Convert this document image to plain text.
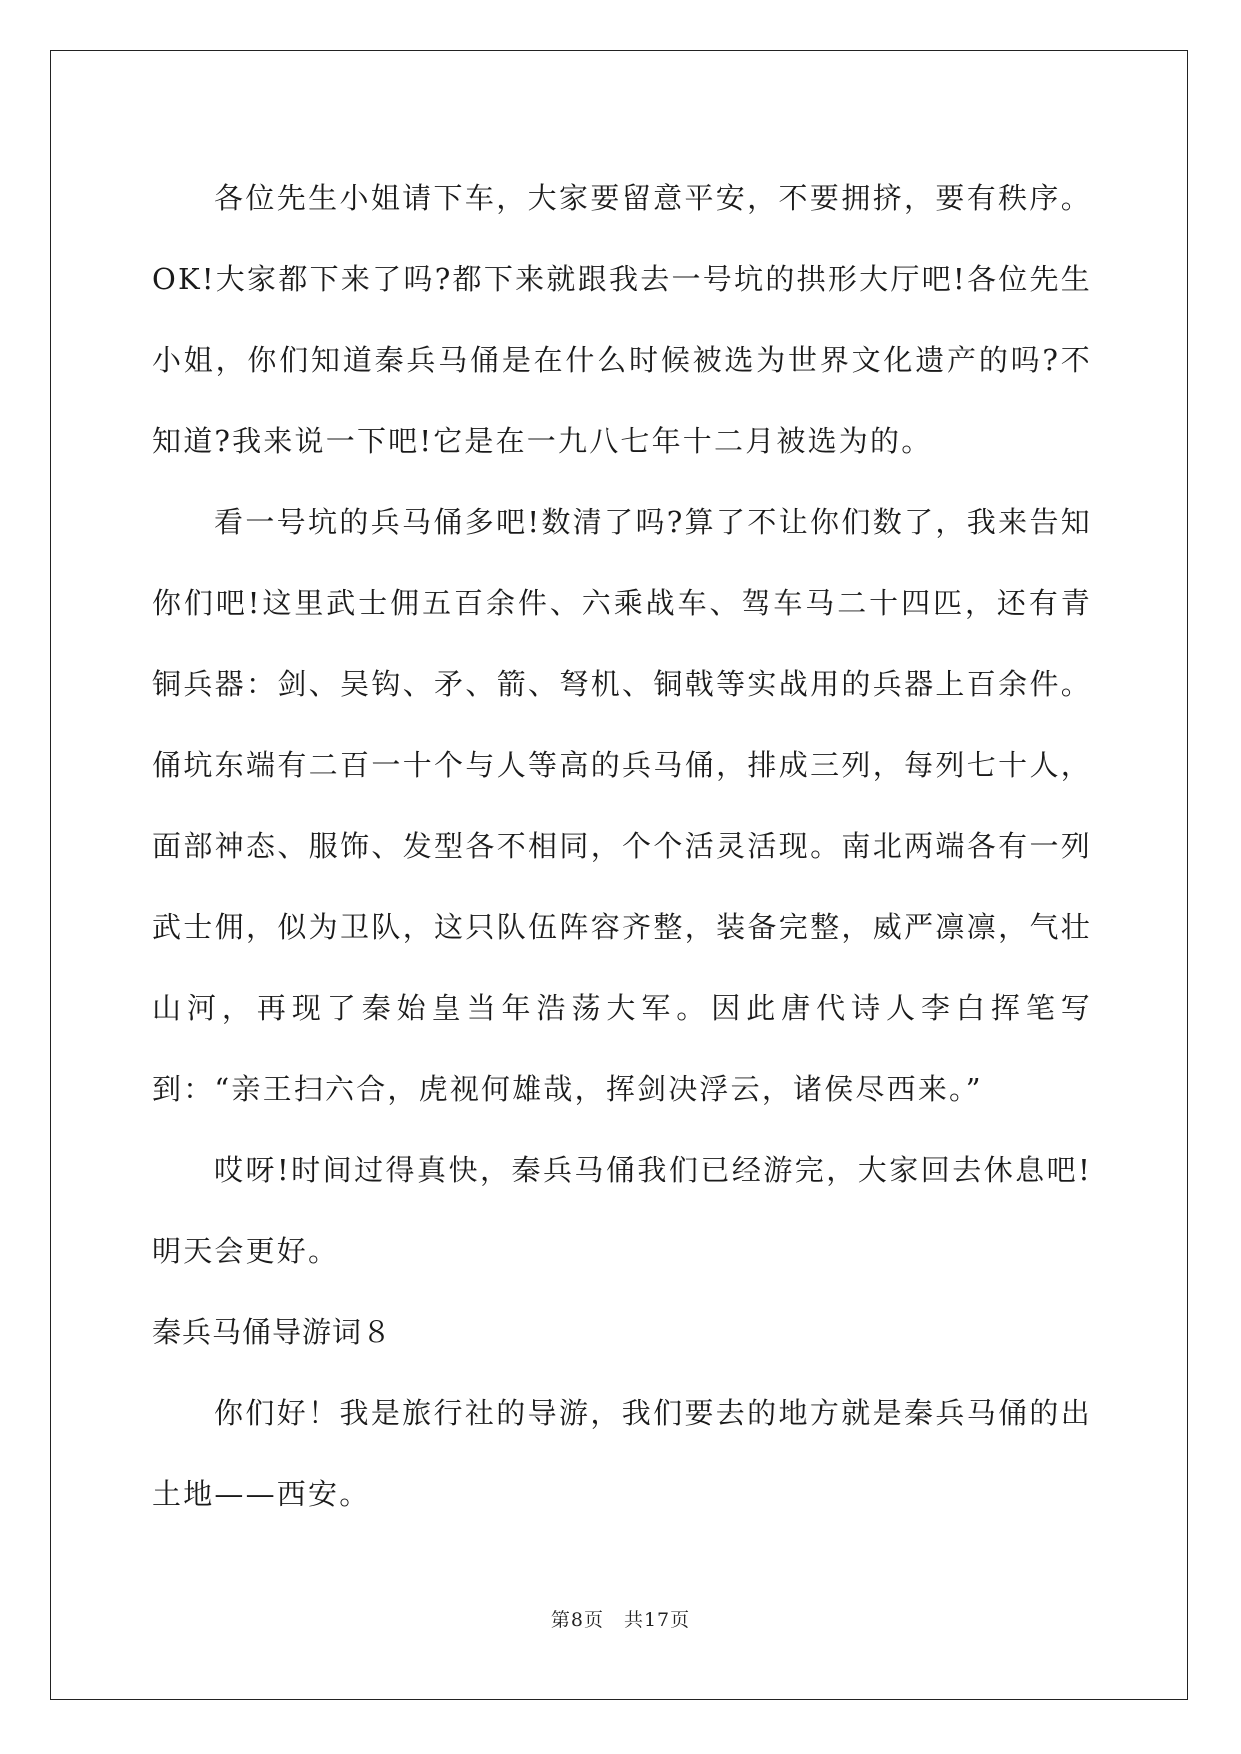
各位先生小姐请下车，大家要留意平安，不要拥挤，要有秩序。OK!大家都下来了吗?都下来就跟我去一号坑的拱形大厅吧!各位先生小姐，你们知道秦兵马俑是在什么时候被选为世界文化遗产的吗?不知道?我来说一下吧!它是在一九八七年十二月被选为的。

看一号坑的兵马俑多吧!数清了吗?算了不让你们数了，我来告知你们吧!这里武士佣五百余件、六乘战车、驾车马二十四匹，还有青铜兵器：剑、吴钩、矛、箭、弩机、铜戟等实战用的兵器上百余件。俑坑东端有二百一十个与人等高的兵马俑，排成三列，每列七十人，面部神态、服饰、发型各不相同，个个活灵活现。南北两端各有一列武士佣，似为卫队，这只队伍阵容齐整，装备完整，威严凛凛，气壮山河，再现了秦始皇当年浩荡大军。因此唐代诗人李白挥笔写到：“亲王扫六合，虎视何雄哉，挥剑决浮云，诸侯尽西来。”

哎呀!时间过得真快，秦兵马俑我们已经游完，大家回去休息吧!明天会更好。

秦兵马俑导游词８

你们好！我是旅行社的导游，我们要去的地方就是秦兵马俑的出土地——西安。

第8页 共17页
